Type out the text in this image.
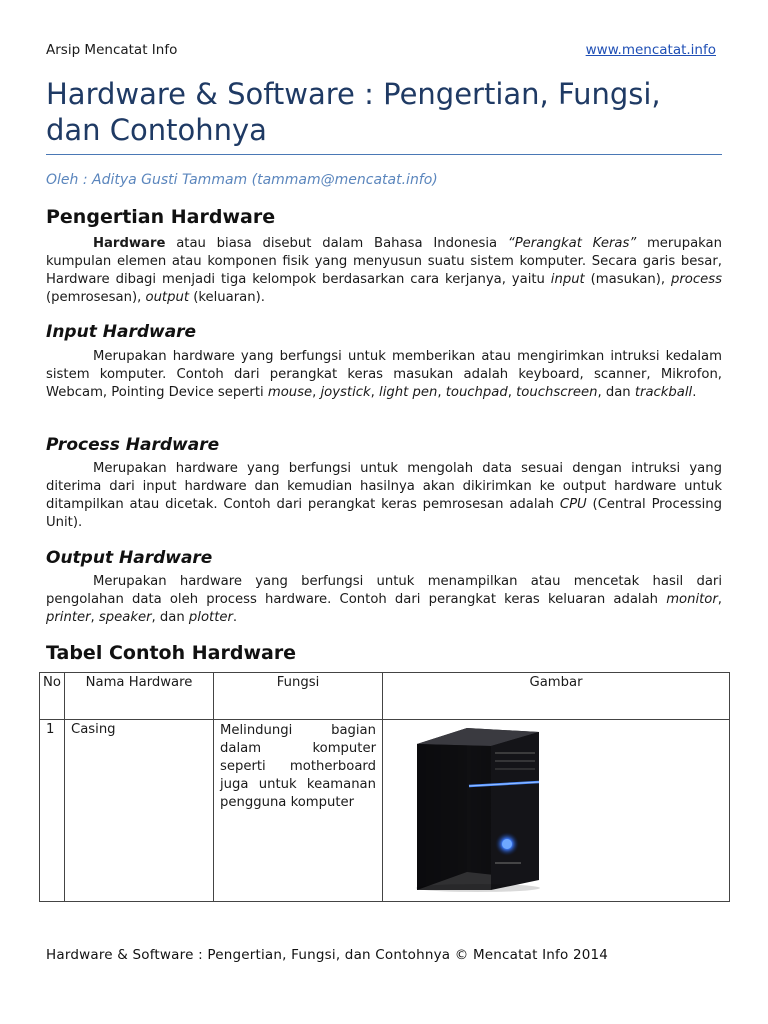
Arsip Mencatat Info	www.mencatat.info
Hardware & Software : Pengertian, Fungsi, dan Contohnya
Oleh : Aditya Gusti Tammam (tammam@mencatat.info)
Pengertian Hardware

Hardware atau biasa disebut dalam Bahasa Indonesia “Perangkat Keras” merupakan kumpulan elemen atau komponen fisik yang menyusun suatu sistem komputer. Secara garis besar, Hardware dibagi menjadi tiga kelompok berdasarkan cara kerjanya, yaitu input (masukan), process (pemrosesan), output (keluaran).

Input Hardware

Merupakan hardware yang berfungsi untuk memberikan atau mengirimkan intruksi kedalam sistem komputer. Contoh dari perangkat keras masukan adalah keyboard, scanner, Mikrofon, Webcam, Pointing Device seperti mouse, joystick, light pen, touchpad, touchscreen, dan trackball.

Process Hardware

Merupakan hardware yang berfungsi untuk mengolah data sesuai dengan intruksi yang diterima dari input hardware dan kemudian hasilnya akan dikirimkan ke output hardware untuk ditampilkan atau dicetak. Contoh dari perangkat keras pemrosesan adalah CPU (Central Processing Unit).

Output Hardware

Merupakan hardware yang berfungsi untuk menampilkan atau mencetak hasil dari pengolahan data oleh process hardware. Contoh dari perangkat keras keluaran adalah monitor, printer, speaker, dan plotter.

Tabel Contoh Hardware
No	Nama Hardware	Fungsi	Gambar
1	Casing	Melindungi bagian dalam komputer seperti motherboard juga untuk keamanan pengguna komputer	
Hardware & Software : Pengertian, Fungsi, dan Contohnya © Mencatat Info 2014
